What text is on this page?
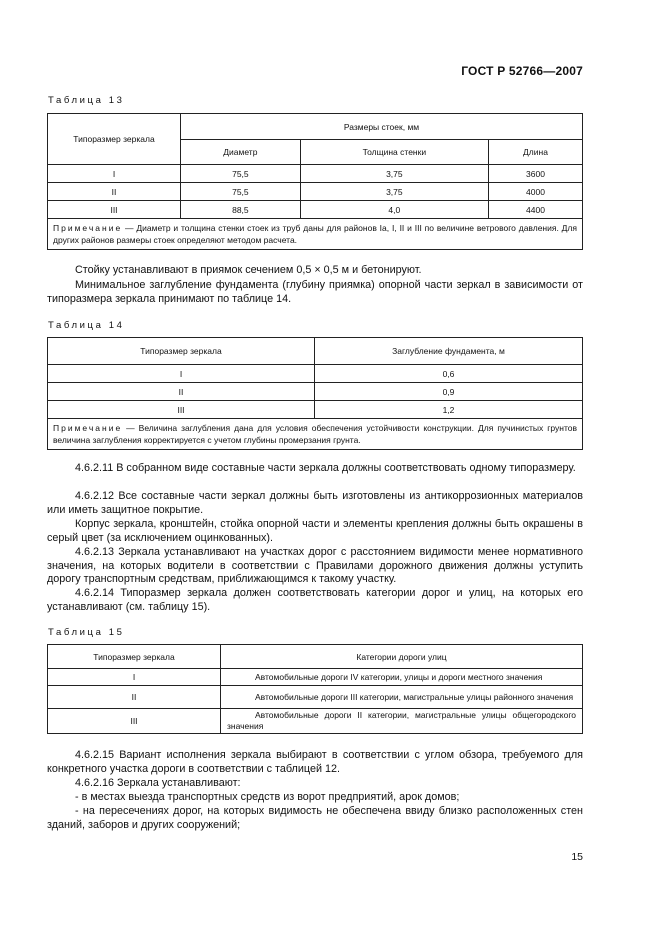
ГОСТ Р 52766—2007
Таблица 13
Типоразмер зеркала	Размеры стоек, мм		
	Диаметр	Толщина стенки	Длина
I	75,5	3,75	3600
II	75,5	3,75	4000
III	88,5	4,0	4400
Примечание — Диаметр и толщина стенки стоек из труб даны для районов Iа, I, II и III по величине ветрового давления. Для других районов размеры стоек определяют методом расчета.			
Стойку устанавливают в приямок сечением 0,5 × 0,5 м и бетонируют.
Минимальное заглубление фундамента (глубину приямка) опорной части зеркал в зависимости от типоразмера зеркала принимают по таблице 14.
Таблица 14
Типоразмер зеркала	Заглубление фундамента, м
I	0,6
II	0,9
III	1,2
Примечание — Величина заглубления дана для условия обеспечения устойчивости конструкции. Для пучинистых грунтов величина заглубления корректируется с учетом глубины промерзания грунта.	
4.6.2.11 В собранном виде составные части зеркала должны соответствовать одному типоразмеру.
4.6.2.12 Все составные части зеркал должны быть изготовлены из антикоррозионных материалов или иметь защитное покрытие.
Корпус зеркала, кронштейн, стойка опорной части и элементы крепления должны быть окрашены в серый цвет (за исключением оцинкованных).
4.6.2.13 Зеркала устанавливают на участках дорог с расстоянием видимости менее нормативного значения, на которых водители в соответствии с Правилами дорожного движения должны уступить дорогу транспортным средствам, приближающимся к такому участку.
4.6.2.14 Типоразмер зеркала должен соответствовать категории дорог и улиц, на которых его устанавливают (см. таблицу 15).
Таблица 15
Типоразмер зеркала	Категории дороги улиц
I	Автомобильные дороги IV категории, улицы и дороги местного значения
II	Автомобильные дороги III категории, магистральные улицы районного значения
III	Автомобильные дороги II категории, магистральные улицы общегородского значения
4.6.2.15 Вариант исполнения зеркала выбирают в соответствии с углом обзора, требуемого для конкретного участка дороги в соответствии с таблицей 12.
4.6.2.16 Зеркала устанавливают:
- в местах выезда транспортных средств из ворот предприятий, арок домов;
- на пересечениях дорог, на которых видимость не обеспечена ввиду близко расположенных стен зданий, заборов и других сооружений;
15
